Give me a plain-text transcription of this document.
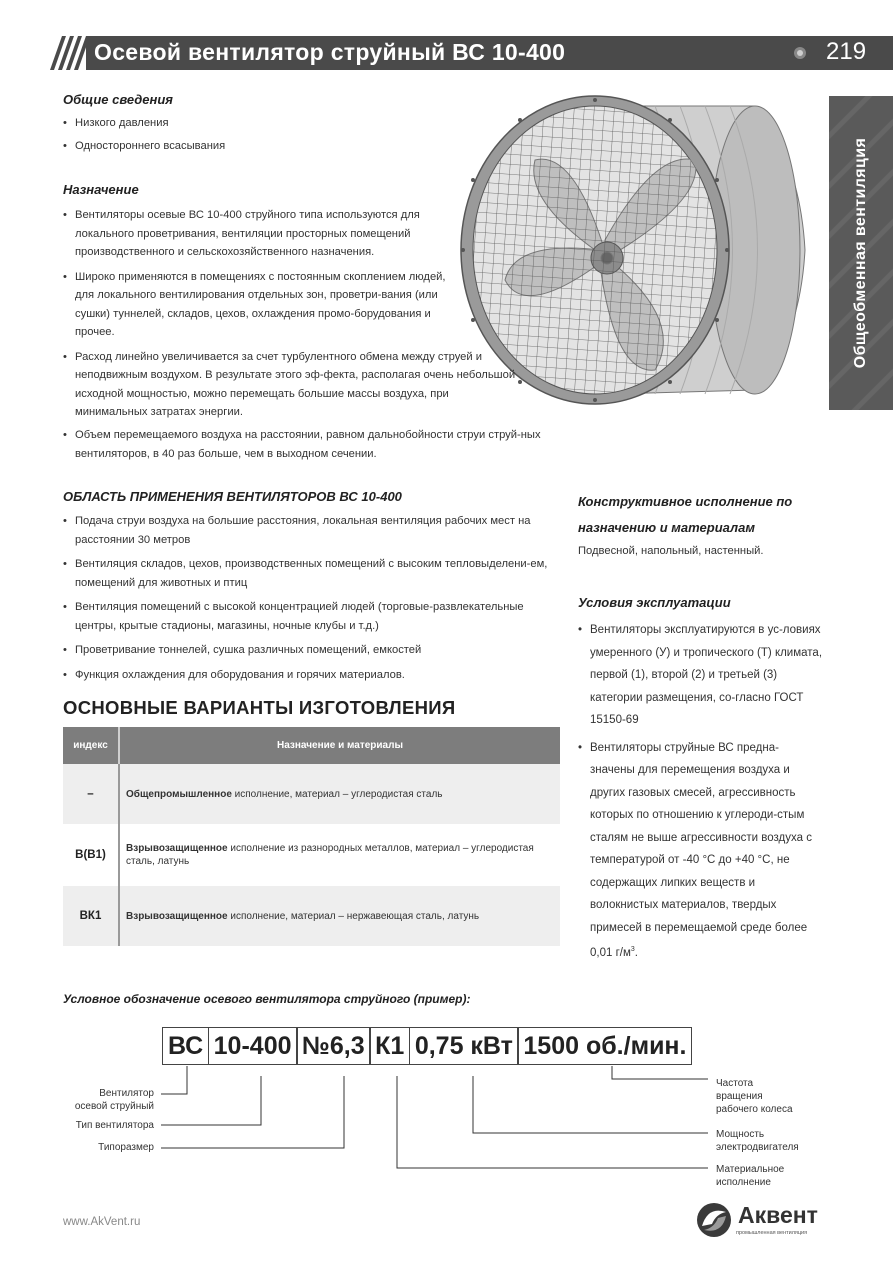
Осевой вентилятор струйный ВС 10-400	219
Общеобменная вентиляция
Общие сведения
• Низкого давления
• Одностороннего всасывания
Назначение
• Вентиляторы осевые ВС 10-400 струйного типа используются для локального проветривания, вентиляции просторных помещений производственного и сельскохозяйственного назначения.
• Широко применяются в помещениях с постоянным скоплением людей, для локального вентилирования отдельных зон, проветри-вания (или сушки) туннелей, складов, цехов, охлаждения промо-борудования и прочее.
• Расход линейно увеличивается за счет турбулентного обмена между струей и неподвижным воздухом. В результате этого эф-фекта, располагая очень небольшой исходной мощностью, можно перемещать большие массы воздуха, при минимальных затратах энергии.
• Объем перемещаемого воздуха на расстоянии, равном дальнобойности струи струй-ных вентиляторов, в 40 раз больше, чем в выходном сечении.
ОБЛАСТЬ ПРИМЕНЕНИЯ ВЕНТИЛЯТОРОВ ВС 10-400
• Подача струи воздуха на большие расстояния, локальная вентиляция рабочих мест на расстоянии 30 метров
• Вентиляция складов, цехов, производственных помещений с высоким тепловыделени-ем, помещений для животных и птиц
• Вентиляция помещений с высокой концентрацией людей (торговые-развлекательные центры, крытые стадионы, магазины, ночные клубы и т.д.)
• Проветривание тоннелей, сушка различных помещений, емкостей
• Функция охлаждения для оборудования и горячих материалов.
Конструктивное исполнение по
назначению и материалам
Подвесной, напольный, настенный.
Условия эксплуатации
• Вентиляторы эксплуатируются в ус-ловиях умеренного (У) и тропического (Т) климата, первой (1), второй (2) и третьей (3) категории размещения, со-гласно ГОСТ 15150-69
• Вентиляторы струйные ВС предна-значены для перемещения воздуха и других газовых смесей, агрессивность которых по отношению к углероди-стым сталям не выше агрессивности воздуха с температурой от -40 °С до +40 °С, не содержащих липких веществ и волокнистых материалов, твердых примесей в перемещаемой среде более 0,01 $г/м^3$.
ОСНОВНЫЕ ВАРИАНТЫ ИЗГОТОВЛЕНИЯ
индекс	Назначение и материалы
–	Общепромышленное исполнение, материал – углеродистая сталь
В(В1)	Взрывозащищенное исполнение из разнородных металлов, материал – углеродистая сталь, латунь
ВК1	Взрывозащищенное исполнение, материал – нержавеющая сталь, латунь
Условное обозначение осевого вентилятора струйного (пример):
ВС 10-400 №6,3 К1 0,75 кВт 1500 об./мин.
Вентилятор
осевой струйный
Тип вентилятора
Типоразмер
Частота
вращения
рабочего колеса
Мощность
электродвигателя
Материальное
исполнение
www.AkVent.ru	Аквент
промышленная вентиляция
